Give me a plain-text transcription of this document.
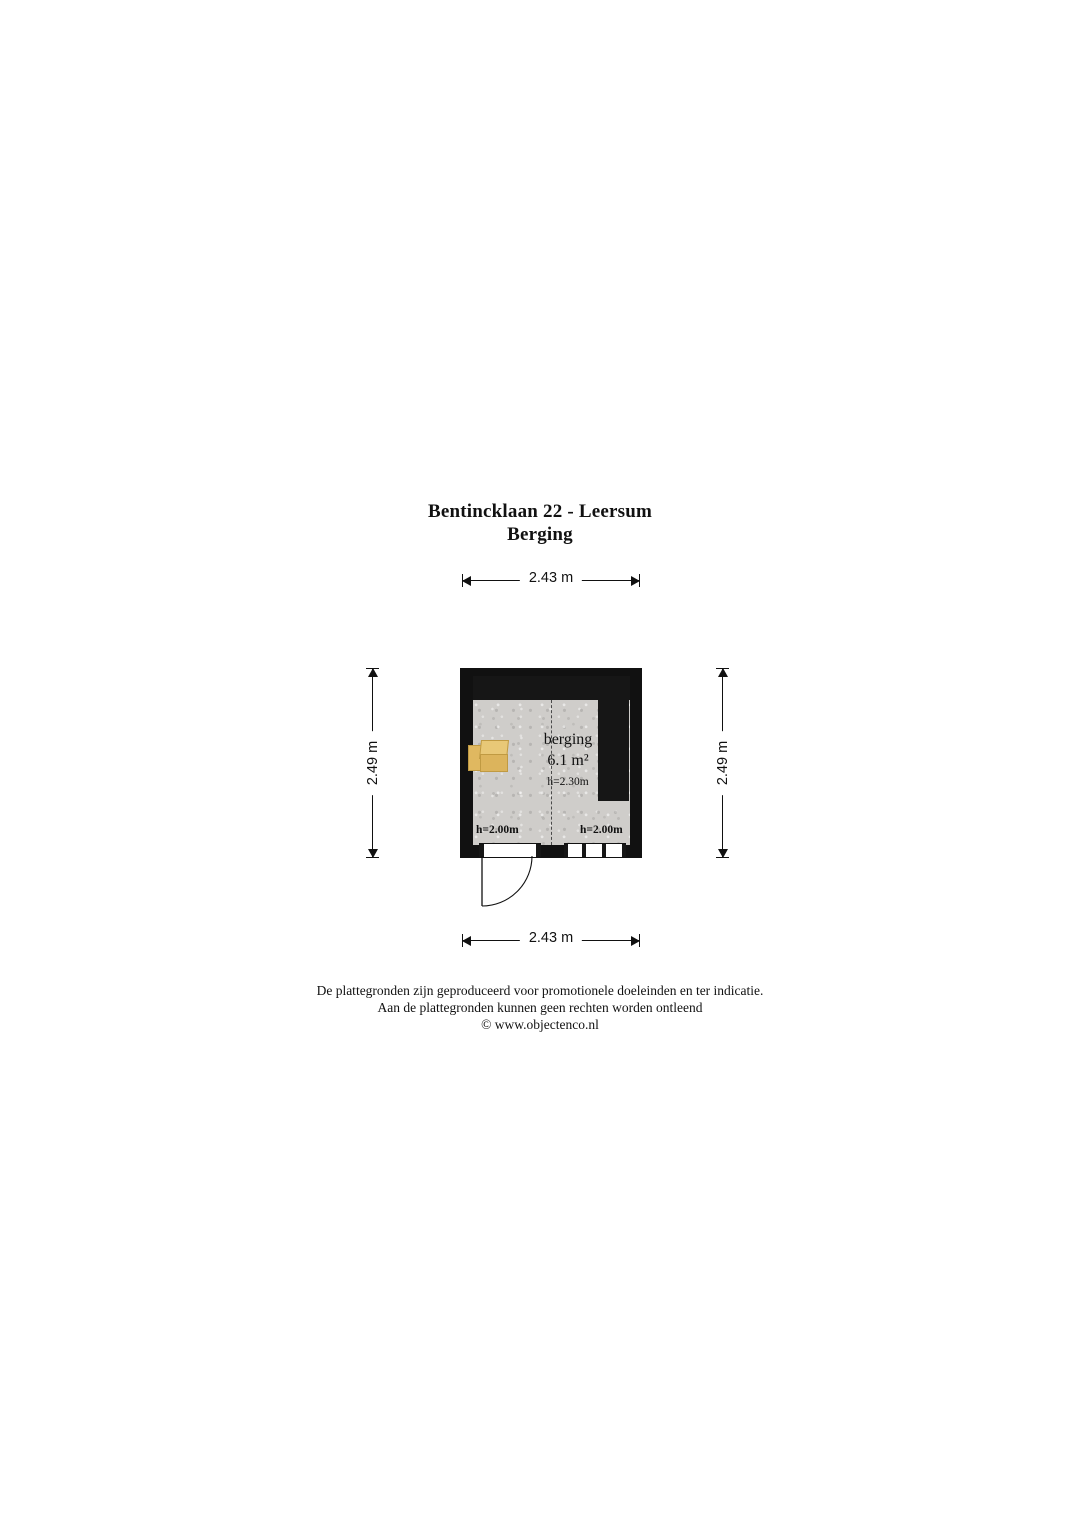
Bentincklaan 22 - Leersum
Berging
2.43 m
2.49 m	2.49 m
berging
6.1 m²
h=2.30m
h=2.00m	h=2.00m
2.43 m
De plattegronden zijn geproduceerd voor promotionele doeleinden en ter indicatie.
Aan de plattegronden kunnen geen rechten worden ontleend
© www.objectenco.nl
